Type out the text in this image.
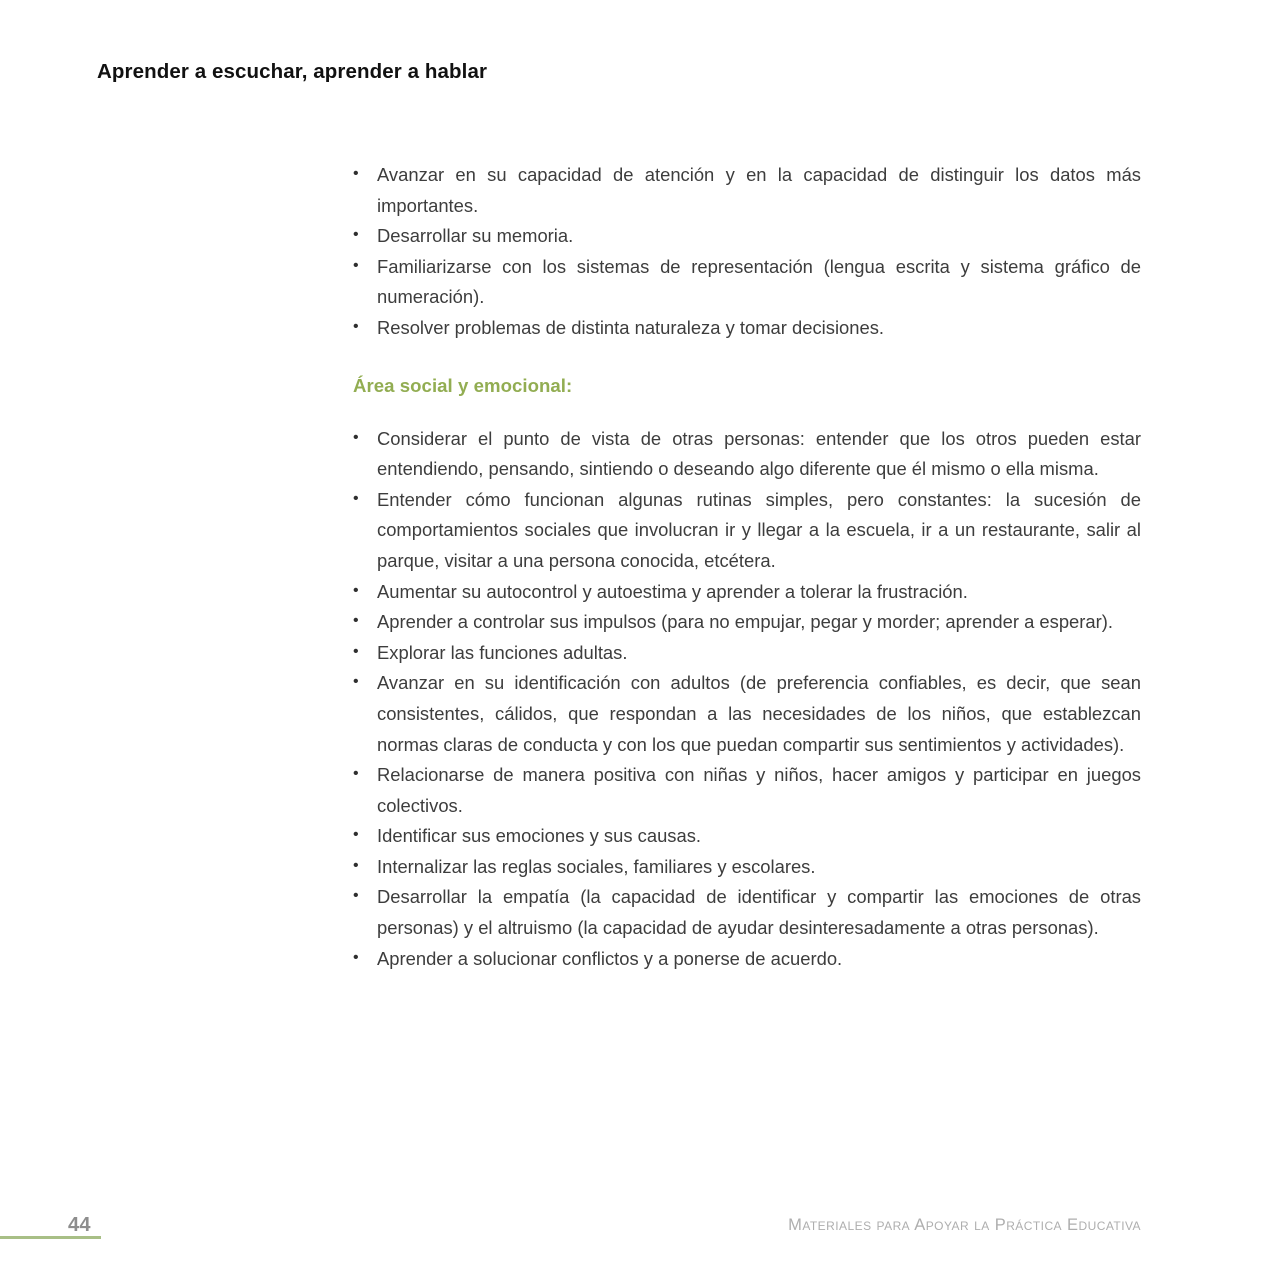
Aprender a escuchar, aprender a hablar
• Avanzar en su capacidad de atención y en la capacidad de distinguir los datos más importantes.
• Desarrollar su memoria.
• Familiarizarse con los sistemas de representación (lengua escrita y sistema gráfico de numeración).
• Resolver problemas de distinta naturaleza y tomar decisiones.
Área social y emocional:
• Considerar el punto de vista de otras personas: entender que los otros pueden estar entendiendo, pensando, sintiendo o deseando algo diferente que él mismo o ella misma.
• Entender cómo funcionan algunas rutinas simples, pero constantes: la sucesión de comportamientos sociales que involucran ir y llegar a la escuela, ir a un restaurante, salir al parque, visitar a una persona conocida, etcétera.
• Aumentar su autocontrol y autoestima y aprender a tolerar la frustración.
• Aprender a controlar sus impulsos (para no empujar, pegar y morder; aprender a esperar).
• Explorar las funciones adultas.
• Avanzar en su identificación con adultos (de preferencia confiables, es decir, que sean consistentes, cálidos, que respondan a las necesidades de los niños, que establezcan normas claras de conducta y con los que puedan compartir sus sentimientos y actividades).
• Relacionarse de manera positiva con niñas y niños, hacer amigos y participar en juegos colectivos.
• Identificar sus emociones y sus causas.
• Internalizar las reglas sociales, familiares y escolares.
• Desarrollar la empatía (la capacidad de identificar y compartir las emociones de otras personas) y el altruismo (la capacidad de ayudar desinteresadamente a otras personas).
• Aprender a solucionar conflictos y a ponerse de acuerdo.
44	Materiales para Apoyar la Práctica Educativa
